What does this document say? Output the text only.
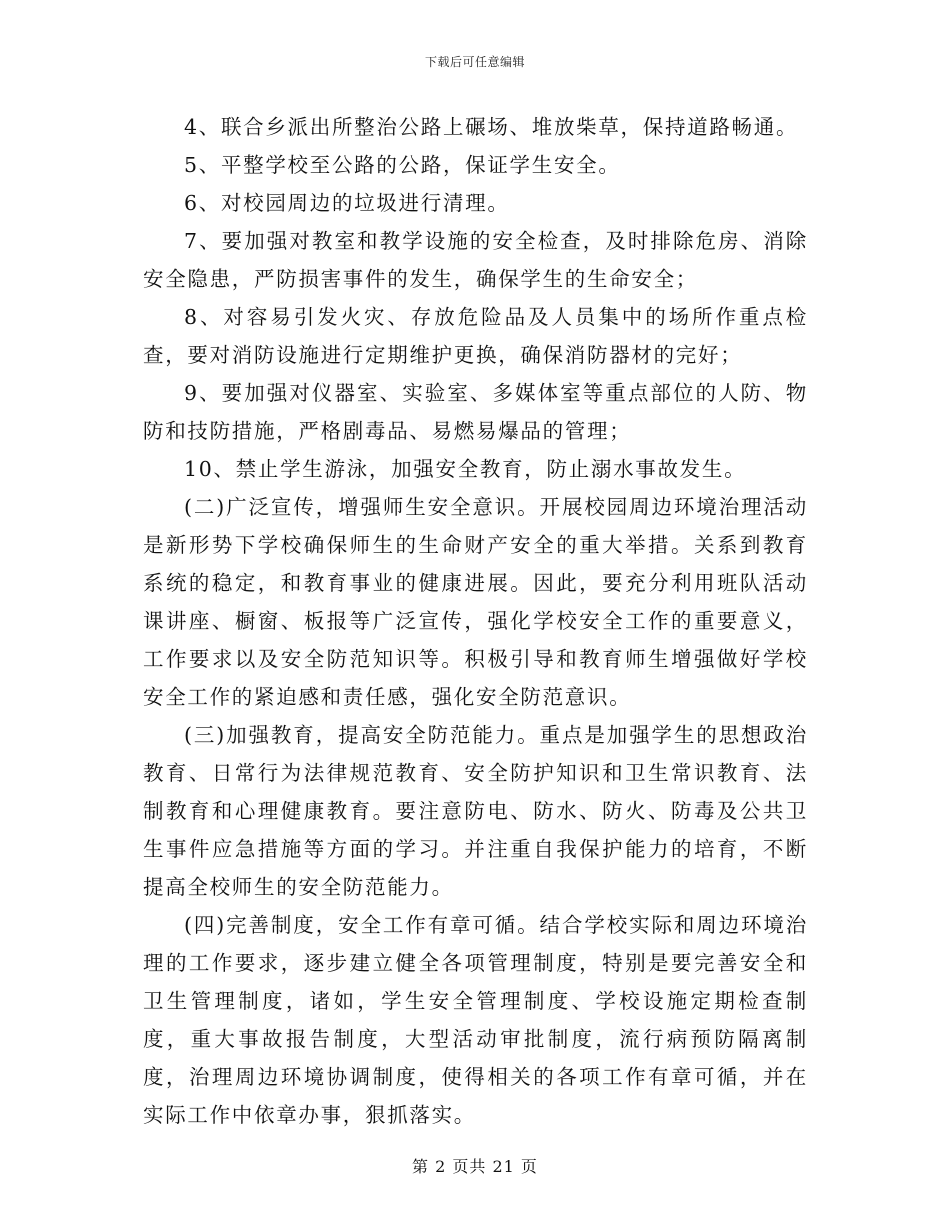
下载后可任意编辑

4、联合乡派出所整治公路上碾场、堆放柴草，保持道路畅通。

5、平整学校至公路的公路，保证学生安全。

6、对校园周边的垃圾进行清理。

7、要加强对教室和教学设施的安全检查，及时排除危房、消除安全隐患，严防损害事件的发生，确保学生的生命安全；

8、对容易引发火灾、存放危险品及人员集中的场所作重点检查，要对消防设施进行定期维护更换，确保消防器材的完好；

9、要加强对仪器室、实验室、多媒体室等重点部位的人防、物防和技防措施，严格剧毒品、易燃易爆品的管理；

10、禁止学生游泳，加强安全教育，防止溺水事故发生。

(二)广泛宣传，增强师生安全意识。开展校园周边环境治理活动是新形势下学校确保师生的生命财产安全的重大举措。关系到教育系统的稳定，和教育事业的健康进展。因此，要充分利用班队活动课讲座、橱窗、板报等广泛宣传，强化学校安全工作的重要意义，工作要求以及安全防范知识等。积极引导和教育师生增强做好学校安全工作的紧迫感和责任感，强化安全防范意识。

(三)加强教育，提高安全防范能力。重点是加强学生的思想政治教育、日常行为法律规范教育、安全防护知识和卫生常识教育、法制教育和心理健康教育。要注意防电、防水、防火、防毒及公共卫生事件应急措施等方面的学习。并注重自我保护能力的培育，不断提高全校师生的安全防范能力。

(四)完善制度，安全工作有章可循。结合学校实际和周边环境治理的工作要求，逐步建立健全各项管理制度，特别是要完善安全和卫生管理制度，诸如，学生安全管理制度、学校设施定期检查制度，重大事故报告制度，大型活动审批制度，流行病预防隔离制度，治理周边环境协调制度，使得相关的各项工作有章可循，并在实际工作中依章办事，狠抓落实。

第 2 页共 21 页
